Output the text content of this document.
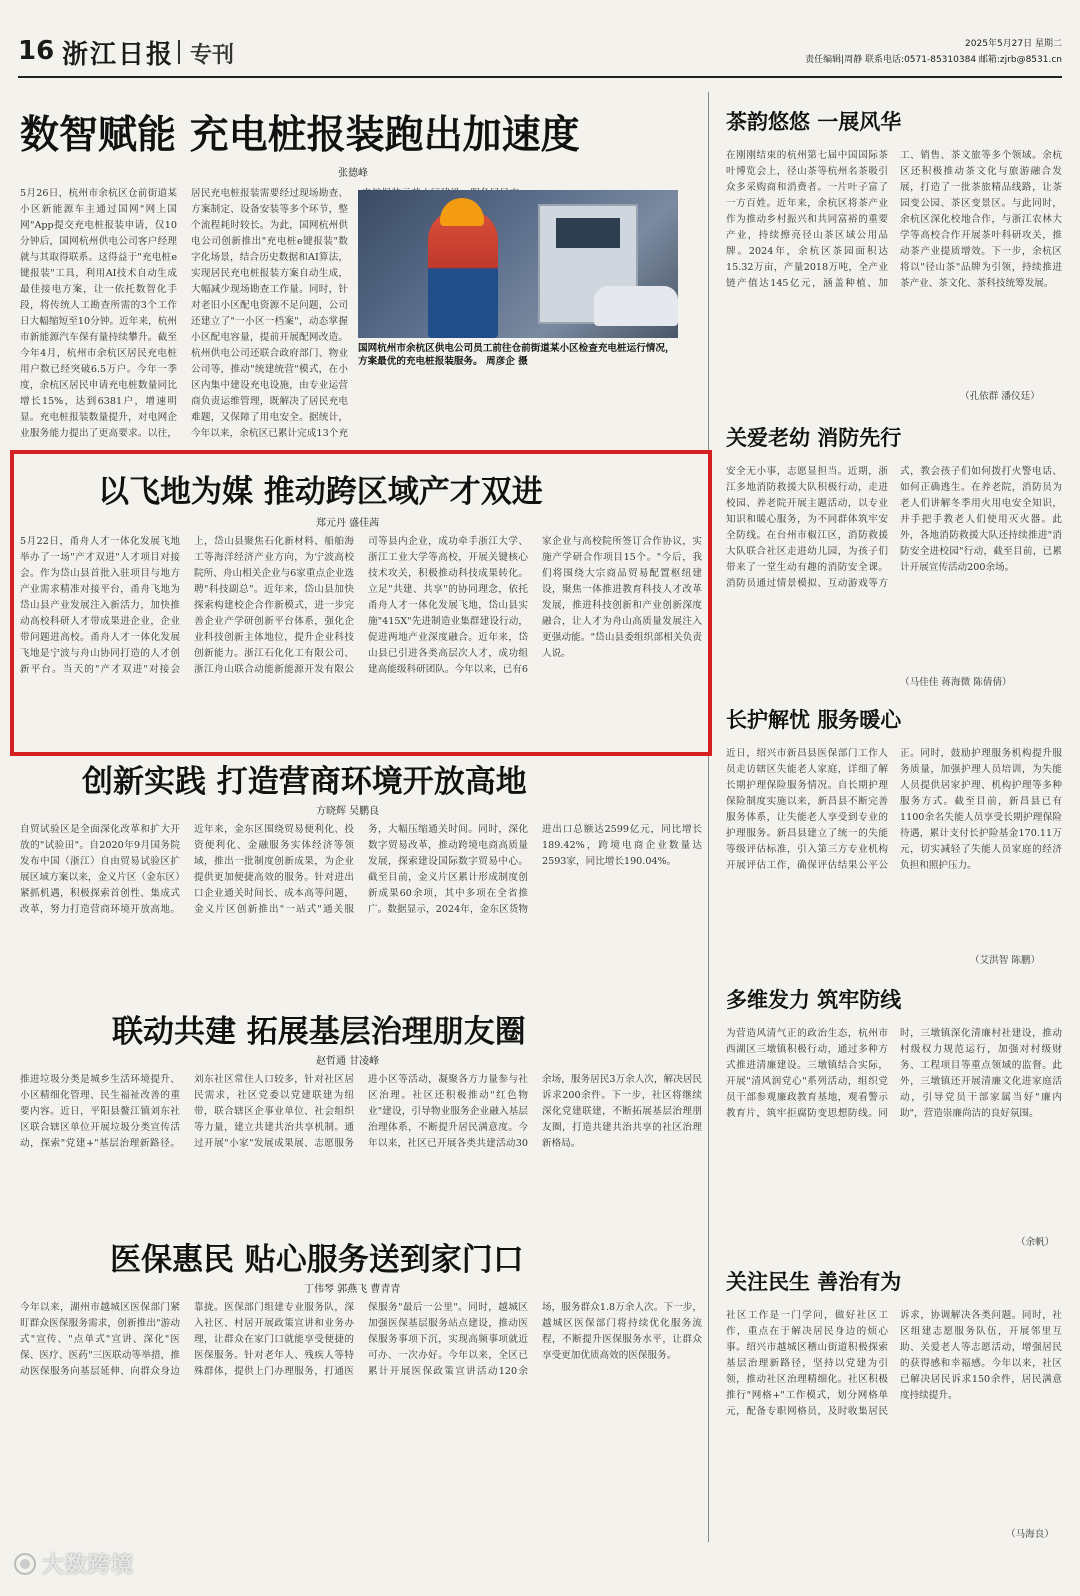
16 浙江日报 专刊	2025年5月27日 星期二
责任编辑|周静 联系电话:0571-85310384 邮箱:zjrb@8531.cn
数智赋能 充电桩报装跑出加速度
张德峰
5月26日，杭州市余杭区仓前街道某小区新能源车主通过国网"网上国网"App提交充电桩报装申请，仅10分钟后，国网杭州供电公司客户经理就与其取得联系。这得益于"充电桩e键报装"工具，利用AI技术自动生成最佳接电方案，让一依托数智化手段，将传统人工勘查所需的3个工作日大幅缩短至10分钟。近年来，杭州市新能源汽车保有量持续攀升。截至今年4月，杭州市余杭区居民充电桩用户数已经突破6.5万户。今年一季度，余杭区居民申请充电桩数量同比增长15%，达到6381户，增速明显。充电桩报装数量提升，对电网企业服务能力提出了更高要求。以往，居民充电桩报装需要经过现场勘查、方案制定、设备安装等多个环节，整个流程耗时较长。为此，国网杭州供电公司创新推出"充电桩e键报装"数字化场景，结合历史数据和AI算法，实现居民充电桩报装方案自动生成，大幅减少现场勘查工作量。同时，针对老旧小区配电资源不足问题，公司还建立了"一小区一档案"，动态掌握小区配电容量，提前开展配网改造。杭州供电公司还联合政府部门、物业公司等，推动"统建统营"模式，在小区内集中建设充电设施，由专业运营商负责运维管理，既解决了居民充电难题，又保障了用电安全。据统计，今年以来，余杭区已累计完成13个充
国网杭州市余杭区供电公司员工前往仓前街道某小区检查充电桩运行情况，方案最优的充电桩报装服务。 周彦企 摄
以飞地为媒 推动跨区域产才双进
郑元丹 盛佳茜
5月22日，甬舟人才一体化发展飞地举办了一场"产才双进"人才项目对接会。作为岱山县首批入驻项目与地方产业需求精准对接平台，甬舟飞地为岱山县产业发展注入新活力，加快推动高校科研人才带成果进企业，企业带问题进高校。甬舟人才一体化发展飞地是宁波与舟山协同打造的人才创新平台。当天的"产才双进"对接会上，岱山县聚焦石化新材料、船舶海工等海洋经济产业方向，为宁波高校院所、舟山相关企业与6家重点企业选聘"科技副总"。近年来，岱山县加快探索构建校企合作新模式，进一步完善企业产学研创新平台体系，强化企业科技创新主体地位，提升企业科技创新能力。浙江石化化工有限公司、浙江舟山联合动能新能源开发有限公司等县内企业，成功牵手浙江大学、浙江工业大学等高校，开展关键核心技术攻关，积极推动科技成果转化。立足"共建、共享"的协同理念，依托甬舟人才一体化发展飞地，岱山县实施"415X"先进制造业集群建设行动，促进两地产业深度融合。近年来，岱山县已引进各类高层次人才，成功组建高能级科研团队。今年以来，已有6家企业与高校院所签订合作协议，实施产学研合作项目15个。"今后，我们将围绕大宗商品贸易配置枢纽建设，聚焦一体推进教育科技人才改革发展，推进科技创新和产业创新深度融合，让人才为舟山高质量发展注入更强动能。"岱山县委组织部相关负责人说。
创新实践 打造营商环境开放高地
方晓辉 吴鹏良
自贸试验区是全面深化改革和扩大开放的"试验田"。自2020年9月国务院发布中国（浙江）自由贸易试验区扩展区域方案以来，金义片区（金东区）紧抓机遇，积极探索首创性、集成式改革，努力打造营商环境开放高地。近年来，金东区围绕贸易便利化、投资便利化、金融服务实体经济等领域，推出一批制度创新成果，为企业提供更加便捷高效的服务。针对进出口企业通关时间长、成本高等问题，金义片区创新推出"一站式"通关服务，大幅压缩通关时间。同时，深化数字贸易改革，推动跨境电商高质量发展，探索建设国际数字贸易中心。截至目前，金义片区累计形成制度创新成果60余项，其中多项在全省推广。数据显示，2024年，金东区货物进出口总额达2599亿元，同比增长189.42%，跨境电商企业数量达2593家，同比增长190.04%。
联动共建 拓展基层治理朋友圈
赵哲通 甘凌峰
推进垃圾分类是城乡生活环境提升、小区精细化管理、民生福祉改善的重要内容。近日，平阳县鳌江镇刘东社区联合辖区单位开展垃圾分类宣传活动，探索"党建+"基层治理新路径。刘东社区常住人口较多，针对社区居民需求，社区党委以党建联建为纽带，联合辖区企事业单位、社会组织等力量，建立共建共治共享机制。通过开展"小家"发展成果展、志愿服务进小区等活动，凝聚各方力量参与社区治理。社区还积极推动"红色物业"建设，引导物业服务企业融入基层治理体系，不断提升居民满意度。今年以来，社区已开展各类共建活动30余场，服务居民3万余人次，解决居民诉求200余件。下一步，社区将继续深化党建联建，不断拓展基层治理朋友圈，打造共建共治共享的社区治理新格局。
医保惠民 贴心服务送到家门口
丁伟琴 郭燕飞 曹青青
今年以来，湖州市越城区医保部门紧盯群众医保服务需求，创新推出"游动式"宣传、"点单式"宣讲、深化"医保、医疗、医药"三医联动等举措，推动医保服务向基层延伸、向群众身边靠拢。医保部门组建专业服务队，深入社区、村居开展政策宣讲和业务办理，让群众在家门口就能享受便捷的医保服务。针对老年人、残疾人等特殊群体，提供上门办理服务，打通医保服务"最后一公里"。同时，越城区加强医保基层服务站点建设，推动医保服务事项下沉，实现高频事项就近可办、一次办好。今年以来，全区已累计开展医保政策宣讲活动120余场，服务群众1.8万余人次。下一步，越城区医保部门将持续优化服务流程，不断提升医保服务水平，让群众享受更加优质高效的医保服务。
茶韵悠悠 一展风华
在刚刚结束的杭州第七届中国国际茶叶博览会上，径山茶等杭州名茶吸引众多采购商和消费者。一片叶子富了一方百姓。近年来，余杭区将茶产业作为推动乡村振兴和共同富裕的重要产业，持续擦亮径山茶区域公用品牌。2024年，余杭区茶园面积达15.32万亩，产量2018万吨，全产业链产值达145亿元，涵盖种植、加工、销售、茶文旅等多个领域。余杭区还积极推动茶文化与旅游融合发展，打造了一批茶旅精品线路，让茶园变公园、茶区变景区。与此同时，余杭区深化校地合作，与浙江农林大学等高校合作开展茶叶科研攻关，推动茶产业提质增效。下一步，余杭区将以"径山茶"品牌为引领，持续推进茶产业、茶文化、茶科技统筹发展。
（孔依群 潘仪廷）
关爱老幼 消防先行
安全无小事，志愿显担当。近期，浙江多地消防救援大队积极行动，走进校园、养老院开展主题活动，以专业知识和暖心服务，为不同群体筑牢安全防线。在台州市椒江区，消防救援大队联合社区走进幼儿园，为孩子们带来了一堂生动有趣的消防安全课。消防员通过情景模拟、互动游戏等方式，教会孩子们如何拨打火警电话、如何正确逃生。在养老院，消防员为老人们讲解冬季用火用电安全知识，并手把手教老人们使用灭火器。此外，各地消防救援大队还持续推进"消防安全进校园"行动，截至目前，已累计开展宣传活动200余场。
（马佳佳 蒋海微 陈倩倩）
长护解忧 服务暖心
近日，绍兴市新昌县医保部门工作人员走访辖区失能老人家庭，详细了解长期护理保险服务情况。自长期护理保险制度实施以来，新昌县不断完善服务体系，让失能老人享受到专业的护理服务。新昌县建立了统一的失能等级评估标准，引入第三方专业机构开展评估工作，确保评估结果公平公正。同时，鼓励护理服务机构提升服务质量，加强护理人员培训，为失能人员提供居家护理、机构护理等多种服务方式。截至目前，新昌县已有1100余名失能人员享受长期护理保险待遇，累计支付长护险基金170.11万元，切实减轻了失能人员家庭的经济负担和照护压力。
（艾洪智 陈鹏）
多维发力 筑牢防线
为营造风清气正的政治生态，杭州市西湖区三墩镇积极行动，通过多种方式推进清廉建设。三墩镇结合实际，开展"清风润党心"系列活动，组织党员干部参观廉政教育基地，观看警示教育片，筑牢拒腐防变思想防线。同时，三墩镇深化清廉村社建设，推动村级权力规范运行，加强对村级财务、工程项目等重点领域的监督。此外，三墩镇还开展清廉文化进家庭活动，引导党员干部家属当好"廉内助"，营造崇廉尚洁的良好氛围。
（余帆）
关注民生 善治有为
社区工作是一门学问，做好社区工作，重点在于解决居民身边的烦心事。绍兴市越城区稽山街道积极探索基层治理新路径，坚持以党建为引领，推动社区治理精细化。社区积极推行"网格+"工作模式，划分网格单元，配备专职网格员，及时收集居民诉求，协调解决各类问题。同时，社区组建志愿服务队伍，开展邻里互助、关爱老人等志愿活动，增强居民的获得感和幸福感。今年以来，社区已解决居民诉求150余件，居民满意度持续提升。
（马海良）
大数跨境
